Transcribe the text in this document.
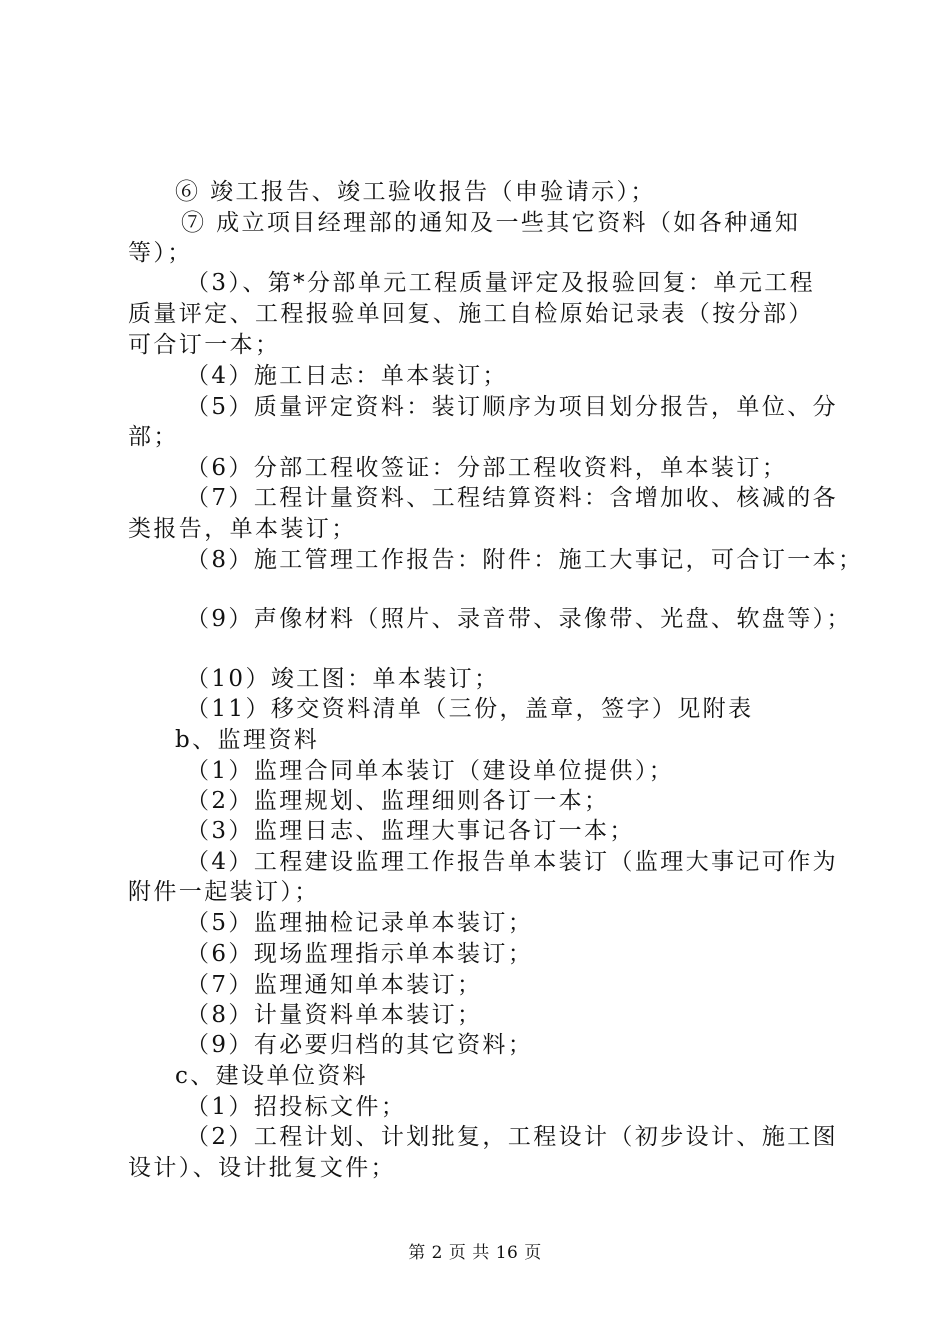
⑥ 竣工报告、竣工验收报告（申验请示）；
⑦ 成立项目经理部的通知及一些其它资料（如各种通知
等）；
（3）、第*分部单元工程质量评定及报验回复：单元工程
质量评定、工程报验单回复、施工自检原始记录表（按分部）
可合订一本；
（4）施工日志：单本装订；
（5）质量评定资料：装订顺序为项目划分报告，单位、分
部；
（6）分部工程收签证：分部工程收资料，单本装订；
（7）工程计量资料、工程结算资料：含增加收、核减的各
类报告，单本装订；
（8）施工管理工作报告：附件：施工大事记，可合订一本；
（9）声像材料（照片、录音带、录像带、光盘、软盘等）；
（10）竣工图：单本装订；
（11）移交资料清单（三份，盖章，签字）见附表
b、监理资料
（1）监理合同单本装订（建设单位提供）；
（2）监理规划、监理细则各订一本；
（3）监理日志、监理大事记各订一本；
（4）工程建设监理工作报告单本装订（监理大事记可作为
附件一起装订）；
（5）监理抽检记录单本装订；
（6）现场监理指示单本装订；
（7）监理通知单本装订；
（8）计量资料单本装订；
（9）有必要归档的其它资料；
c、建设单位资料
（1）招投标文件；
（2）工程计划、计划批复，工程设计（初步设计、施工图
设计）、设计批复文件；
第 2 页 共 16 页
